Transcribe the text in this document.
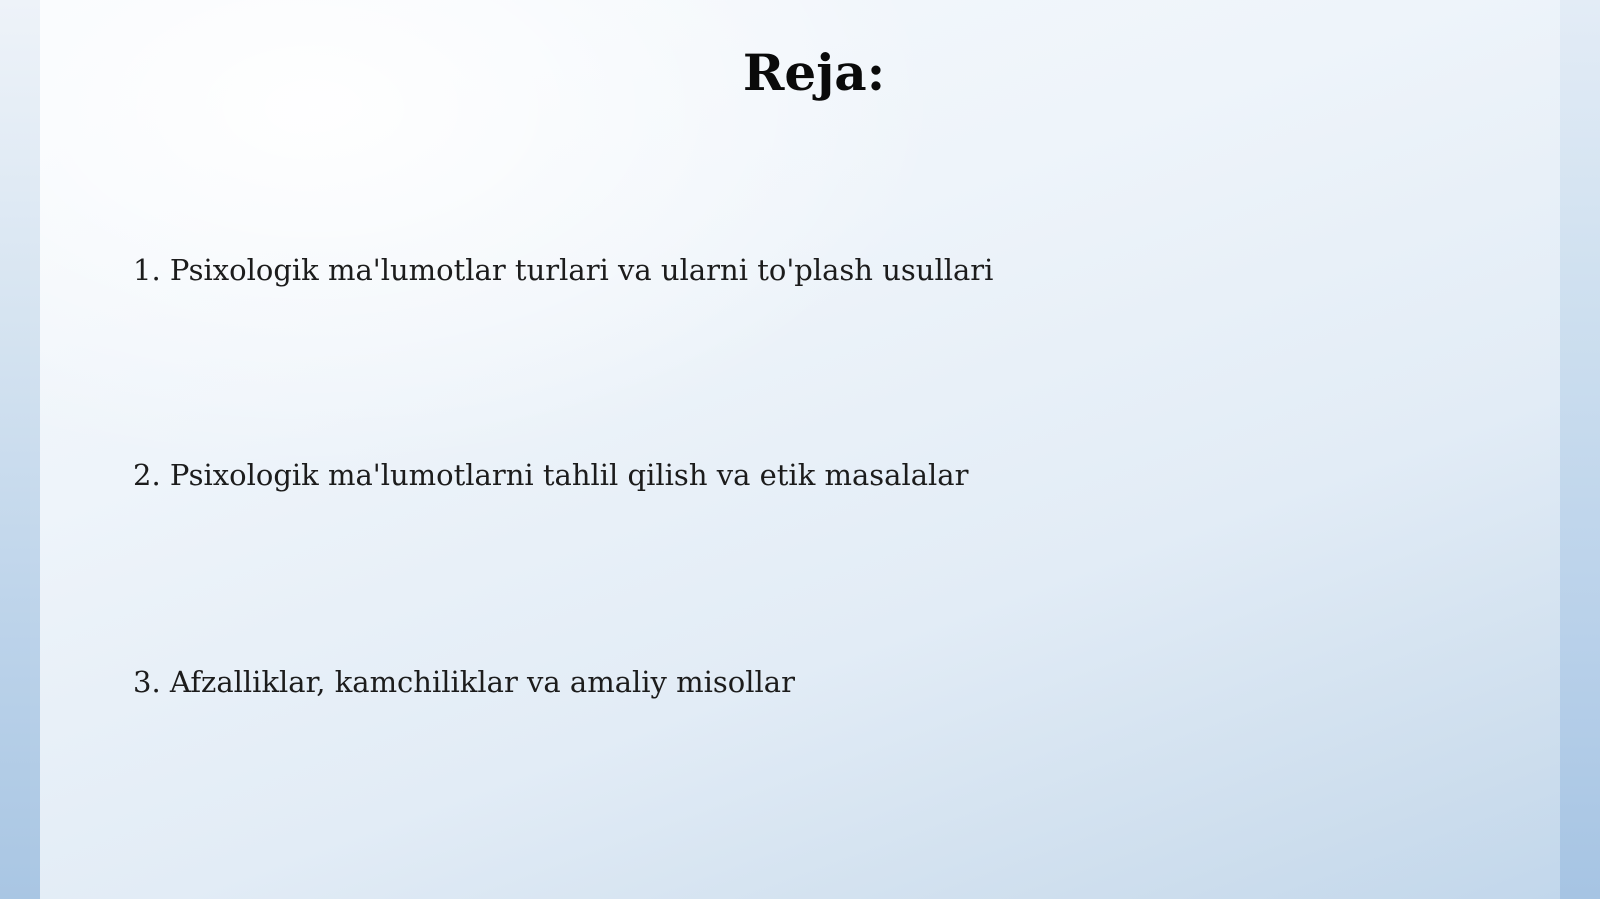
Reja:
1. Psixologik ma'lumotlar turlari va ularni to'plash usullari
2. Psixologik ma'lumotlarni tahlil qilish va etik masalalar
3. Afzalliklar, kamchiliklar va amaliy misollar
